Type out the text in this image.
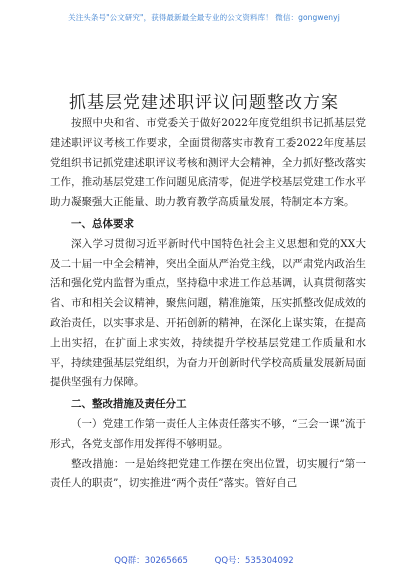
关注头条号"公文研究"，获得最新最全最专业的公文资料库！ 微信：gongwenyj
抓基层党建述职评议问题整改方案

按照中央和省、市党委关于做好2022年度党组织书记抓基层党建述职评议考核工作要求，全面贯彻落实市教育工委2022年度基层党组织书记抓党建述职评议考核和测评大会精神，全力抓好整改落实工作，推动基层党建工作问题见底清零，促进学校基层党建工作水平助力凝聚强大正能量、助力教育教学高质量发展，特制定本方案。

一、总体要求

深入学习贯彻习近平新时代中国特色社会主义思想和党的XX大及二十届一中全会精神，突出全面从严治党主线，以严肃党内政治生活和强化党内监督为重点，坚持稳中求进工作总基调，认真贯彻落实省、市和相关会议精神，聚焦问题，精准施策，压实抓整改促成效的政治责任，以实事求是、开拓创新的精神，在深化上谋实策，在提高上出实招，在扩面上求实效，持续提升学校基层党建工作质量和水平，持续建强基层党组织，为奋力开创新时代学校高质量发展新局面提供坚强有力保障。

二、整改措施及责任分工

（一）党建工作第一责任人主体责任落实不够，“三会一课”流于形式，各党支部作用发挥得不够明显。

整改措施：一是始终把党建工作摆在突出位置，切实履行“第一责任人的职责”，切实推进“两个责任”落实。管好自己

QQ群：30265665	QQ号：535304092
